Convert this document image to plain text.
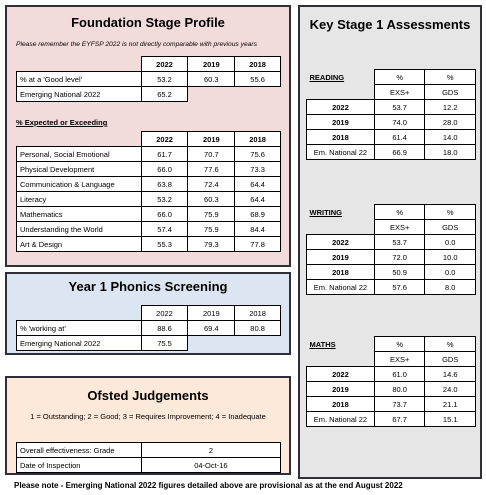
Foundation Stage Profile
Please remember the EYFSP 2022 is not directly comparable with previous years
	2022	2019	2018
% at a 'Good level'	53.2	60.3	55.6
Emerging National 2022	65.2		
% Expected or Exceeding
	2022	2019	2018
Personal, Social Emotional	61.7	70.7	75.6
Physical Development	66.0	77.6	73.3
Communication & Language	63.8	72.4	64.4
Literacy	53.2	60.3	64.4
Mathematics	66.0	75.9	68.9
Understanding the World	57.4	75.9	84.4
Art & Design	55.3	79.3	77.8
Year 1 Phonics Screening
	2022	2019	2018
% 'working at'	88.6	69.4	80.8
Emerging National 2022	75.5		
Ofsted Judgements
1 = Outstanding; 2 = Good; 3 = Requires Improvement; 4 = Inadequate
Overall effectiveness: Grade	2
Date of Inspection	04-Oct-16
Key Stage 1 Assessments
READING	%	%
	EXS+	GDS
2022	53.7	12.2
2019	74.0	28.0
2018	61.4	14.0
Em. National 22	66.9	18.0
WRITING	%	%
	EXS+	GDS
2022	53.7	0.0
2019	72.0	10.0
2018	50.9	0.0
Em. National 22	57.6	8.0
MATHS	%	%
	EXS+	GDS
2022	61.0	14.6
2019	80.0	24.0
2018	73.7	21.1
Em. National 22	67.7	15.1
Please note - Emerging National 2022 figures detailed above are provisional as at the end August 2022
